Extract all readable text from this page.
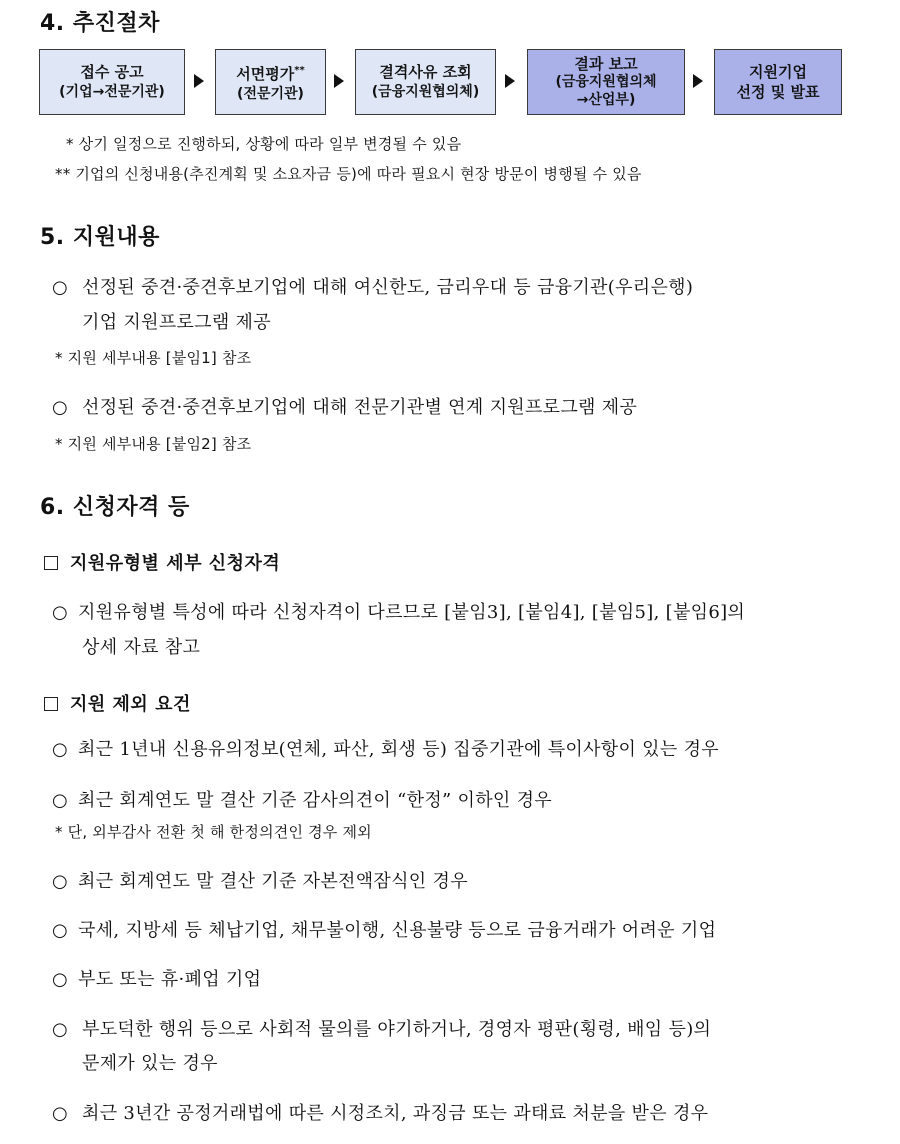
4. 추진절차
접수 공고
(기업→전문기관)
서면평가**
(전문기관)
결격사유 조회
(금융지원협의체)
결과 보고
(금융지원협의체
→산업부)
지원기업
선정 및 발표
* 상기 일정으로 진행하되, 상황에 따라 일부 변경될 수 있음
** 기업의 신청내용(추진계획 및 소요자금 등)에 따라 필요시 현장 방문이 병행될 수 있음
5. 지원내용
○ 선정된 중견·중견후보기업에 대해 여신한도, 금리우대 등 금융기관(우리은행)
기업 지원프로그램 제공
* 지원 세부내용 [붙임1] 참조
○ 선정된 중견·중견후보기업에 대해 전문기관별 연계 지원프로그램 제공
* 지원 세부내용 [붙임2] 참조
6. 신청자격 등
지원유형별 세부 신청자격
○ 지원유형별 특성에 따라 신청자격이 다르므로 [붙임3], [붙임4], [붙임5], [붙임6]의
상세 자료 참고
지원 제외 요건
○ 최근 1년내 신용유의정보(연체, 파산, 회생 등) 집중기관에 특이사항이 있는 경우
○ 최근 회계연도 말 결산 기준 감사의견이 “한정” 이하인 경우
* 단, 외부감사 전환 첫 해 한정의견인 경우 제외
○ 최근 회계연도 말 결산 기준 자본전액잠식인 경우
○ 국세, 지방세 등 체납기업, 채무불이행, 신용불량 등으로 금융거래가 어려운 기업
○ 부도 또는 휴·폐업 기업
○ 부도덕한 행위 등으로 사회적 물의를 야기하거나, 경영자 평판(횡령, 배임 등)의
문제가 있는 경우
○ 최근 3년간 공정거래법에 따른 시정조치, 과징금 또는 과태료 처분을 받은 경우
